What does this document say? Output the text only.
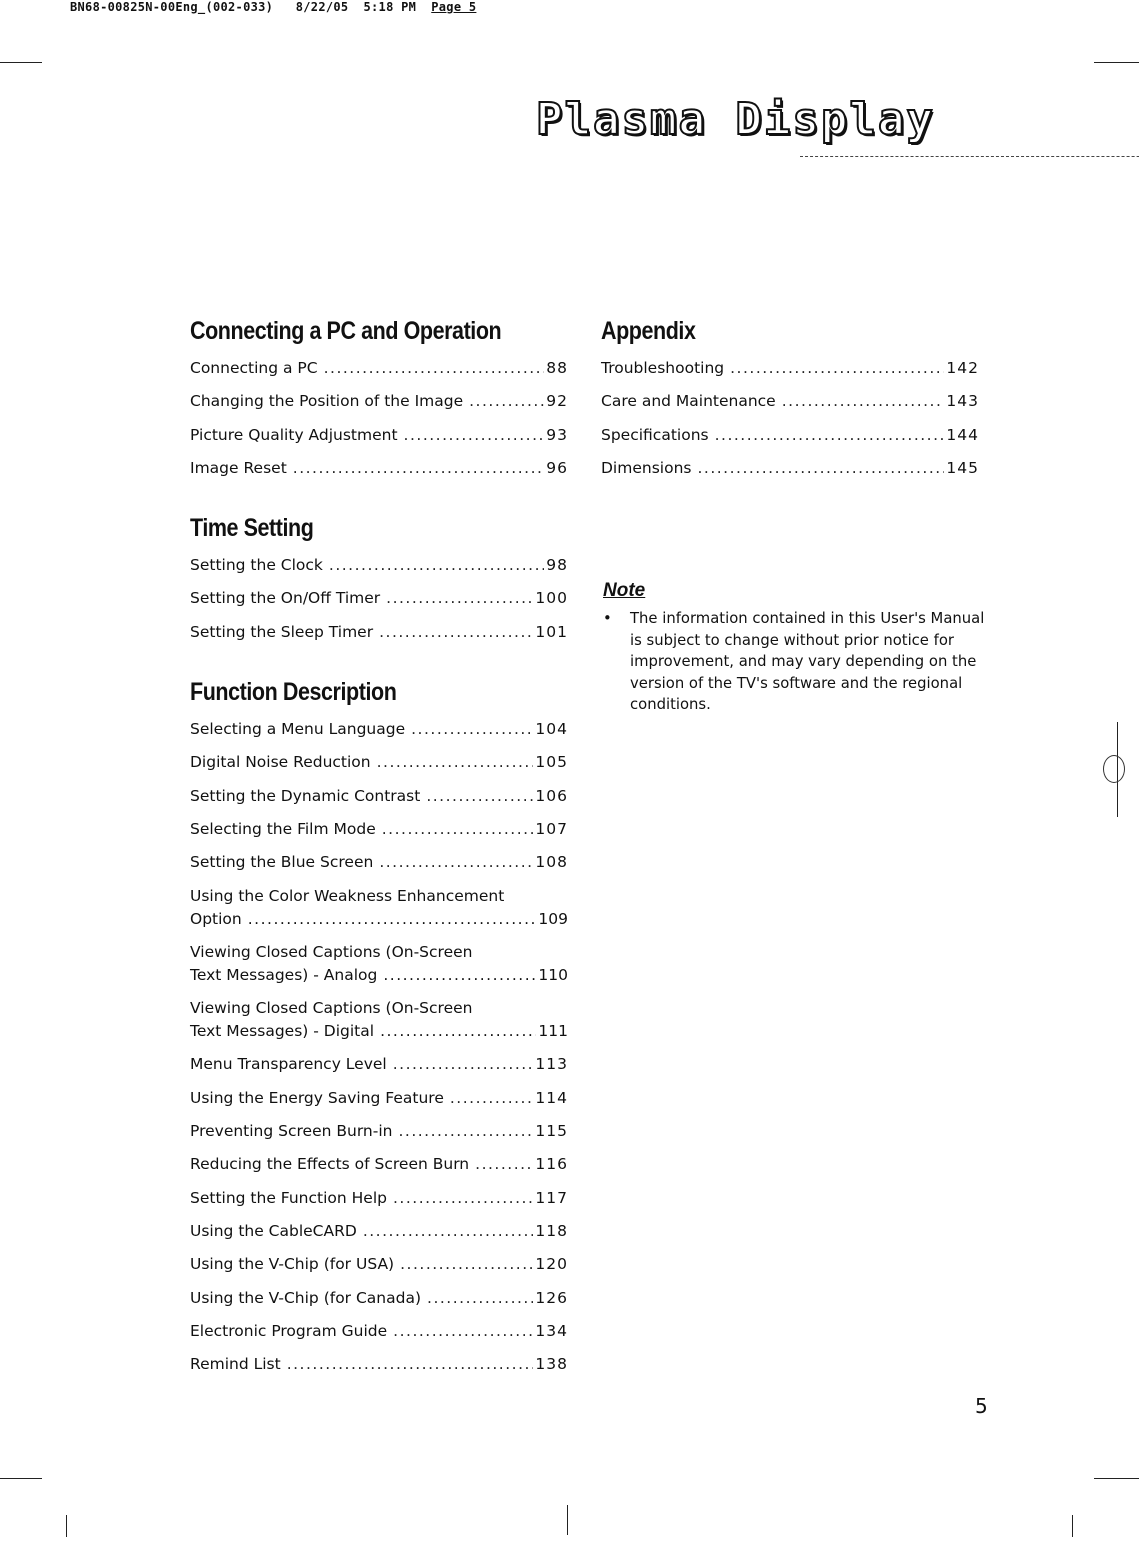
BN68-00825N-00Eng_(002-033) 8/22/05 5:18 PM Page 5
Plasma Display
Connecting a PC and Operation
Connecting a PC .....	88
Changing the Position of the Image .....	92
Picture Quality Adjustment .....	93
Image Reset .....	96
Time Setting
Setting the Clock .....	98
Setting the On/Off Timer .....	100
Setting the Sleep Timer .....	101
Function Description
Selecting a Menu Language .....	104
Digital Noise Reduction .....	105
Setting the Dynamic Contrast .....	106
Selecting the Film Mode .....	107
Setting the Blue Screen .....	108
Using the Color Weakness Enhancement
Option .....	109
Viewing Closed Captions (On-Screen
Text Messages) - Analog .....	110
Viewing Closed Captions (On-Screen
Text Messages) - Digital .....	111
Menu Transparency Level .....	113
Using the Energy Saving Feature .....	114
Preventing Screen Burn-in .....	115
Reducing the Effects of Screen Burn .....	116
Setting the Function Help .....	117
Using the CableCARD .....	118
Using the V-Chip (for USA) .....	120
Using the V-Chip (for Canada) .....	126
Electronic Program Guide .....	134
Remind List .....	138
Appendix
Troubleshooting .....	142
Care and Maintenance .....	143
Specifications .....	144
Dimensions .....	145
Note
•	The information contained in this User's Manual is subject to change without prior notice for improvement, and may vary depending on the version of the TV's software and the regional conditions.
5
